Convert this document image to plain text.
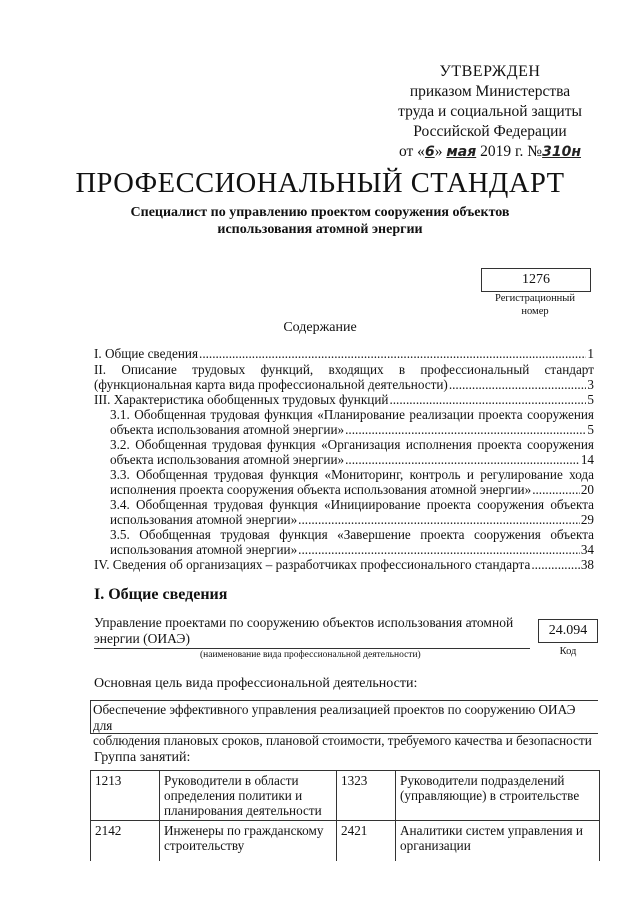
УТВЕРЖДЕН
приказом Министерства
труда и социальной защиты
Российской Федерации
от «6» мая 2019 г. №310н
ПРОФЕССИОНАЛЬНЫЙ СТАНДАРТ
Специалист по управлению проектом сооружения объектов
использования атомной энергии
1276
Регистрационный
номер
Содержание
I. Общие сведения .....	1
II. Описание трудовых функций, входящих в профессиональный стандарт
(функциональная карта вида профессиональной деятельности) .....	3
III. Характеристика обобщенных трудовых функций .....	5
3.1. Обобщенная трудовая функция «Планирование реализации проекта сооружения
объекта использования атомной энергии» .....	5
3.2. Обобщенная трудовая функция «Организация исполнения проекта сооружения
объекта использования атомной энергии» .....	14
3.3. Обобщенная трудовая функция «Мониторинг, контроль и регулирование хода
исполнения проекта сооружения объекта использования атомной энергии» .....	20
3.4. Обобщенная трудовая функция «Инициирование проекта сооружения объекта
использования атомной энергии» .....	29
3.5. Обобщенная трудовая функция «Завершение проекта сооружения объекта
использования атомной энергии» .....	34
IV. Сведения об организациях – разработчиках профессионального стандарта .....	38
I. Общие сведения
Управление проектами по сооружению объектов использования атомной
энергии (ОИАЭ)
(наименование вида профессиональной деятельности)
24.094
Код
Основная цель вида профессиональной деятельности:
Обеспечение эффективного управления реализацией проектов по сооружению ОИАЭ для
соблюдения плановых сроков, плановой стоимости, требуемого качества и безопасности
Группа занятий:
1213	Руководители в области определения политики и планирования деятельности	1323	Руководители подразделений (управляющие) в строительстве
2142	Инженеры по гражданскому строительству	2421	Аналитики систем управления и организации
